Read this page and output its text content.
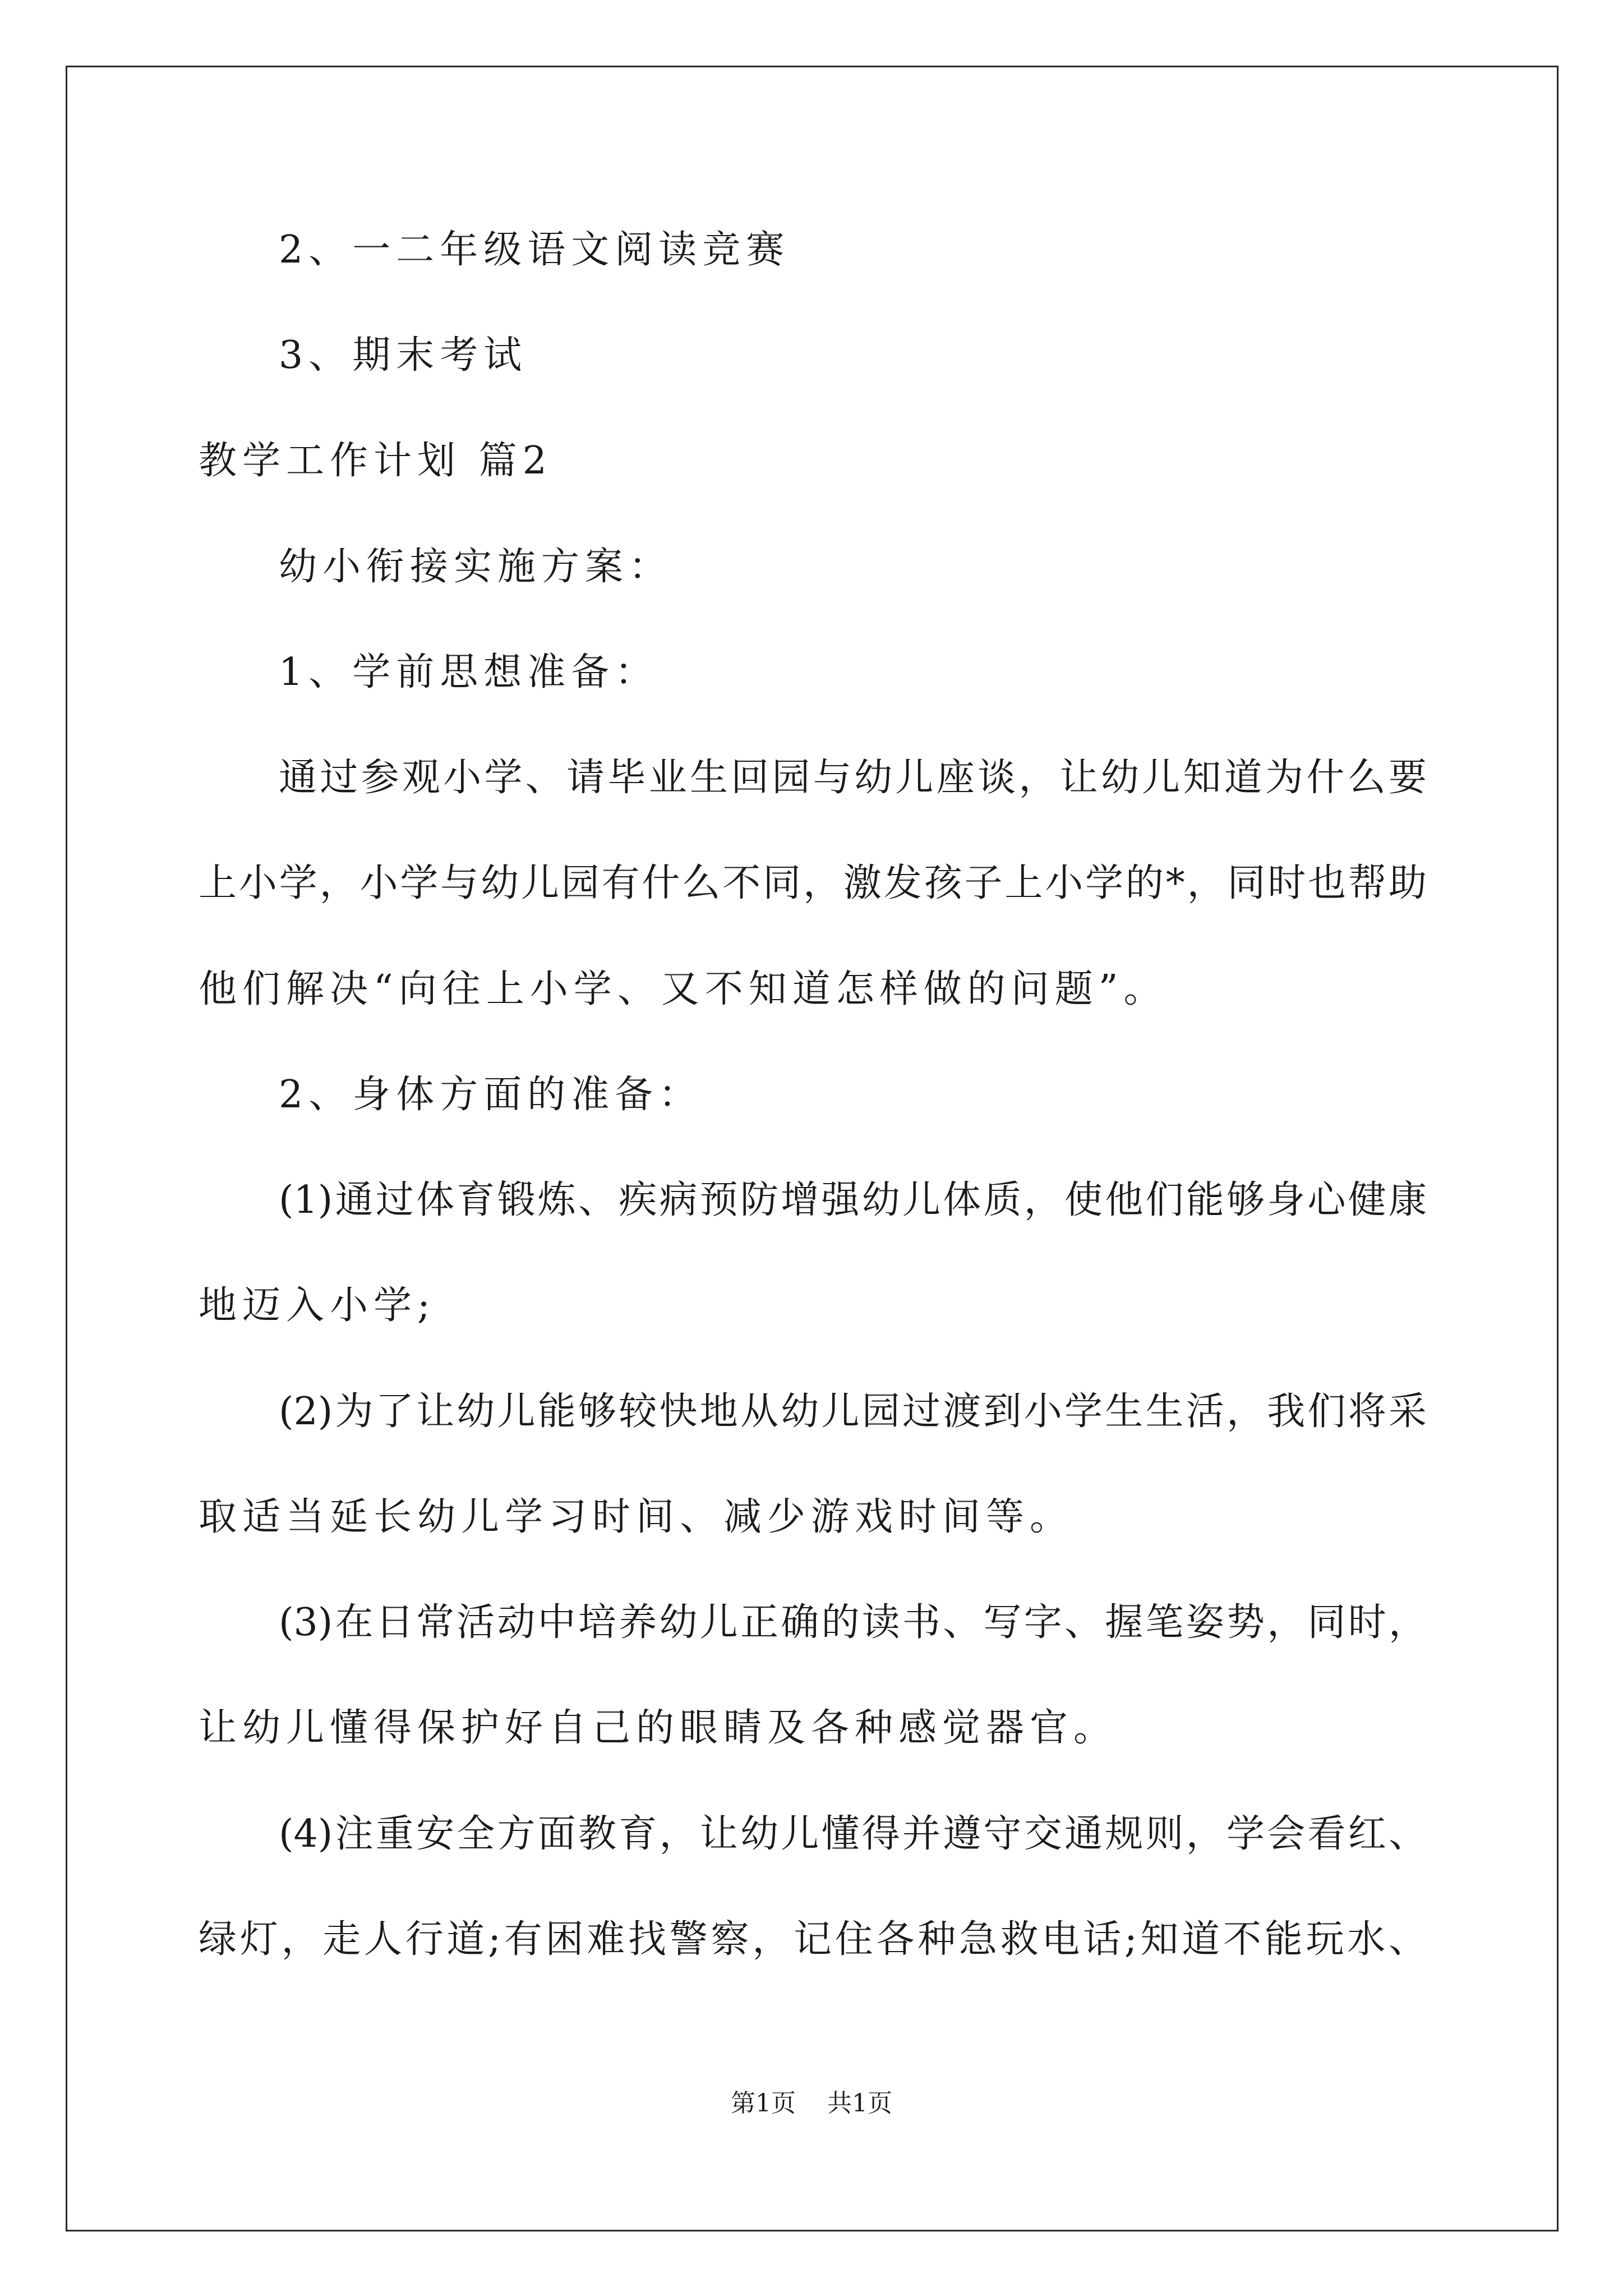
2、一二年级语文阅读竞赛
3、期末考试
教学工作计划 篇2
幼小衔接实施方案：
1、学前思想准备：
通过参观小学、请毕业生回园与幼儿座谈，让幼儿知道为什么要
上小学，小学与幼儿园有什么不同，激发孩子上小学的*，同时也帮助
他们解决“向往上小学、又不知道怎样做的问题”。
2、身体方面的准备：
(1)通过体育锻炼、疾病预防增强幼儿体质，使他们能够身心健康
地迈入小学;
(2)为了让幼儿能够较快地从幼儿园过渡到小学生生活，我们将采
取适当延长幼儿学习时间、减少游戏时间等。
(3)在日常活动中培养幼儿正确的读书、写字、握笔姿势，同时，
让幼儿懂得保护好自己的眼睛及各种感觉器官。
(4)注重安全方面教育，让幼儿懂得并遵守交通规则，学会看红、
绿灯，走人行道;有困难找警察，记住各种急救电话;知道不能玩水、
第1页 共1页
